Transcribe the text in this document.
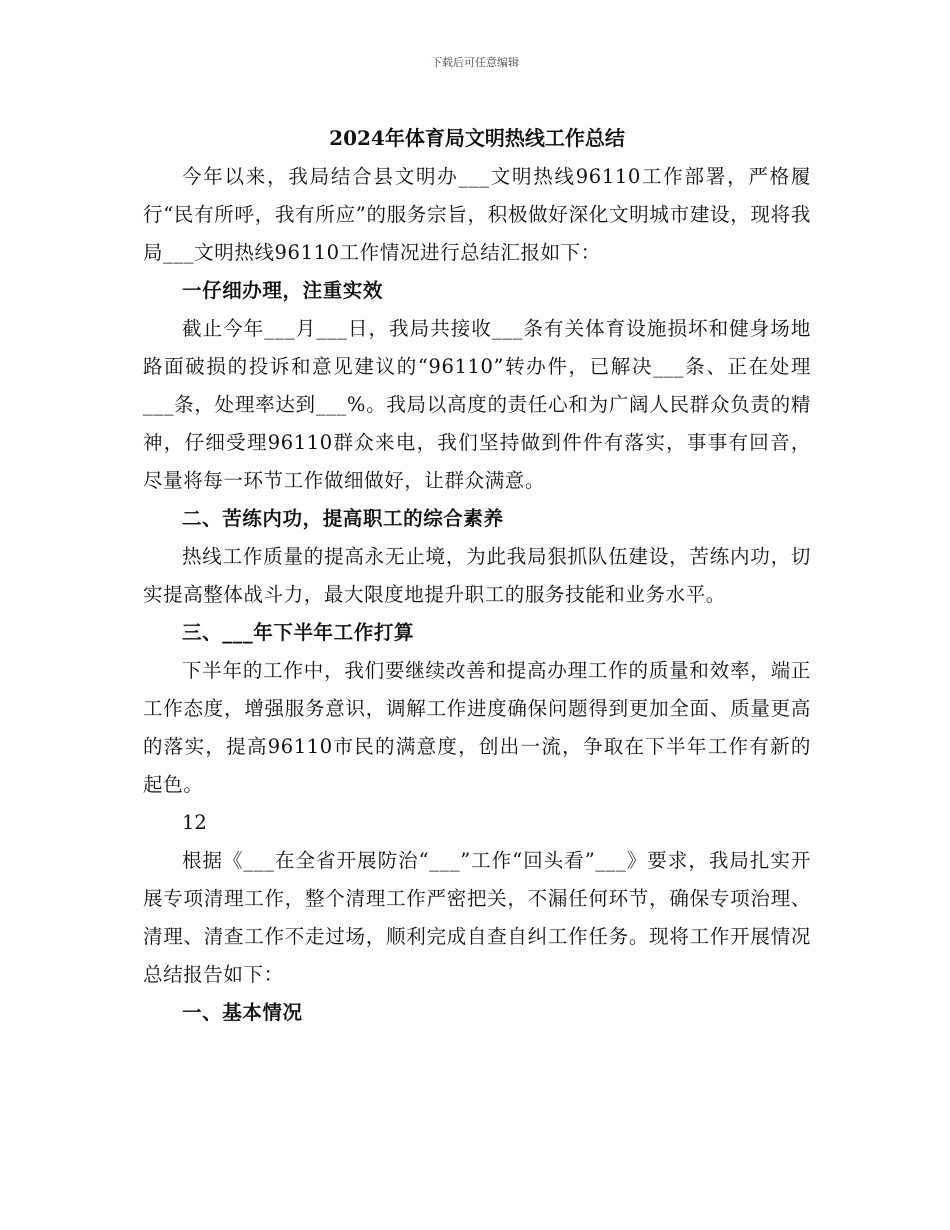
下载后可任意编辑
2024年体育局文明热线工作总结

今年以来，我局结合县文明办___文明热线96110工作部署，严格履行“民有所呼，我有所应”的服务宗旨，积极做好深化文明城市建设，现将我局___文明热线96110工作情况进行总结汇报如下：

一仔细办理，注重实效

截止今年___月___日，我局共接收___条有关体育设施损坏和健身场地路面破损的投诉和意见建议的“96110”转办件，已解决___条、正在处理___条，处理率达到___%。我局以高度的责任心和为广阔人民群众负责的精神，仔细受理96110群众来电，我们坚持做到件件有落实，事事有回音，尽量将每一环节工作做细做好，让群众满意。

二、苦练内功，提高职工的综合素养

热线工作质量的提高永无止境，为此我局狠抓队伍建设，苦练内功，切实提高整体战斗力，最大限度地提升职工的服务技能和业务水平。

三、___年下半年工作打算

下半年的工作中，我们要继续改善和提高办理工作的质量和效率，端正工作态度，增强服务意识，调解工作进度确保问题得到更加全面、质量更高的落实，提高96110市民的满意度，创出一流，争取在下半年工作有新的起色。

12

根据《___在全省开展防治“___”工作“回头看”___》要求，我局扎实开展专项清理工作，整个清理工作严密把关，不漏任何环节，确保专项治理、清理、清查工作不走过场，顺利完成自查自纠工作任务。现将工作开展情况总结报告如下：

一、基本情况
